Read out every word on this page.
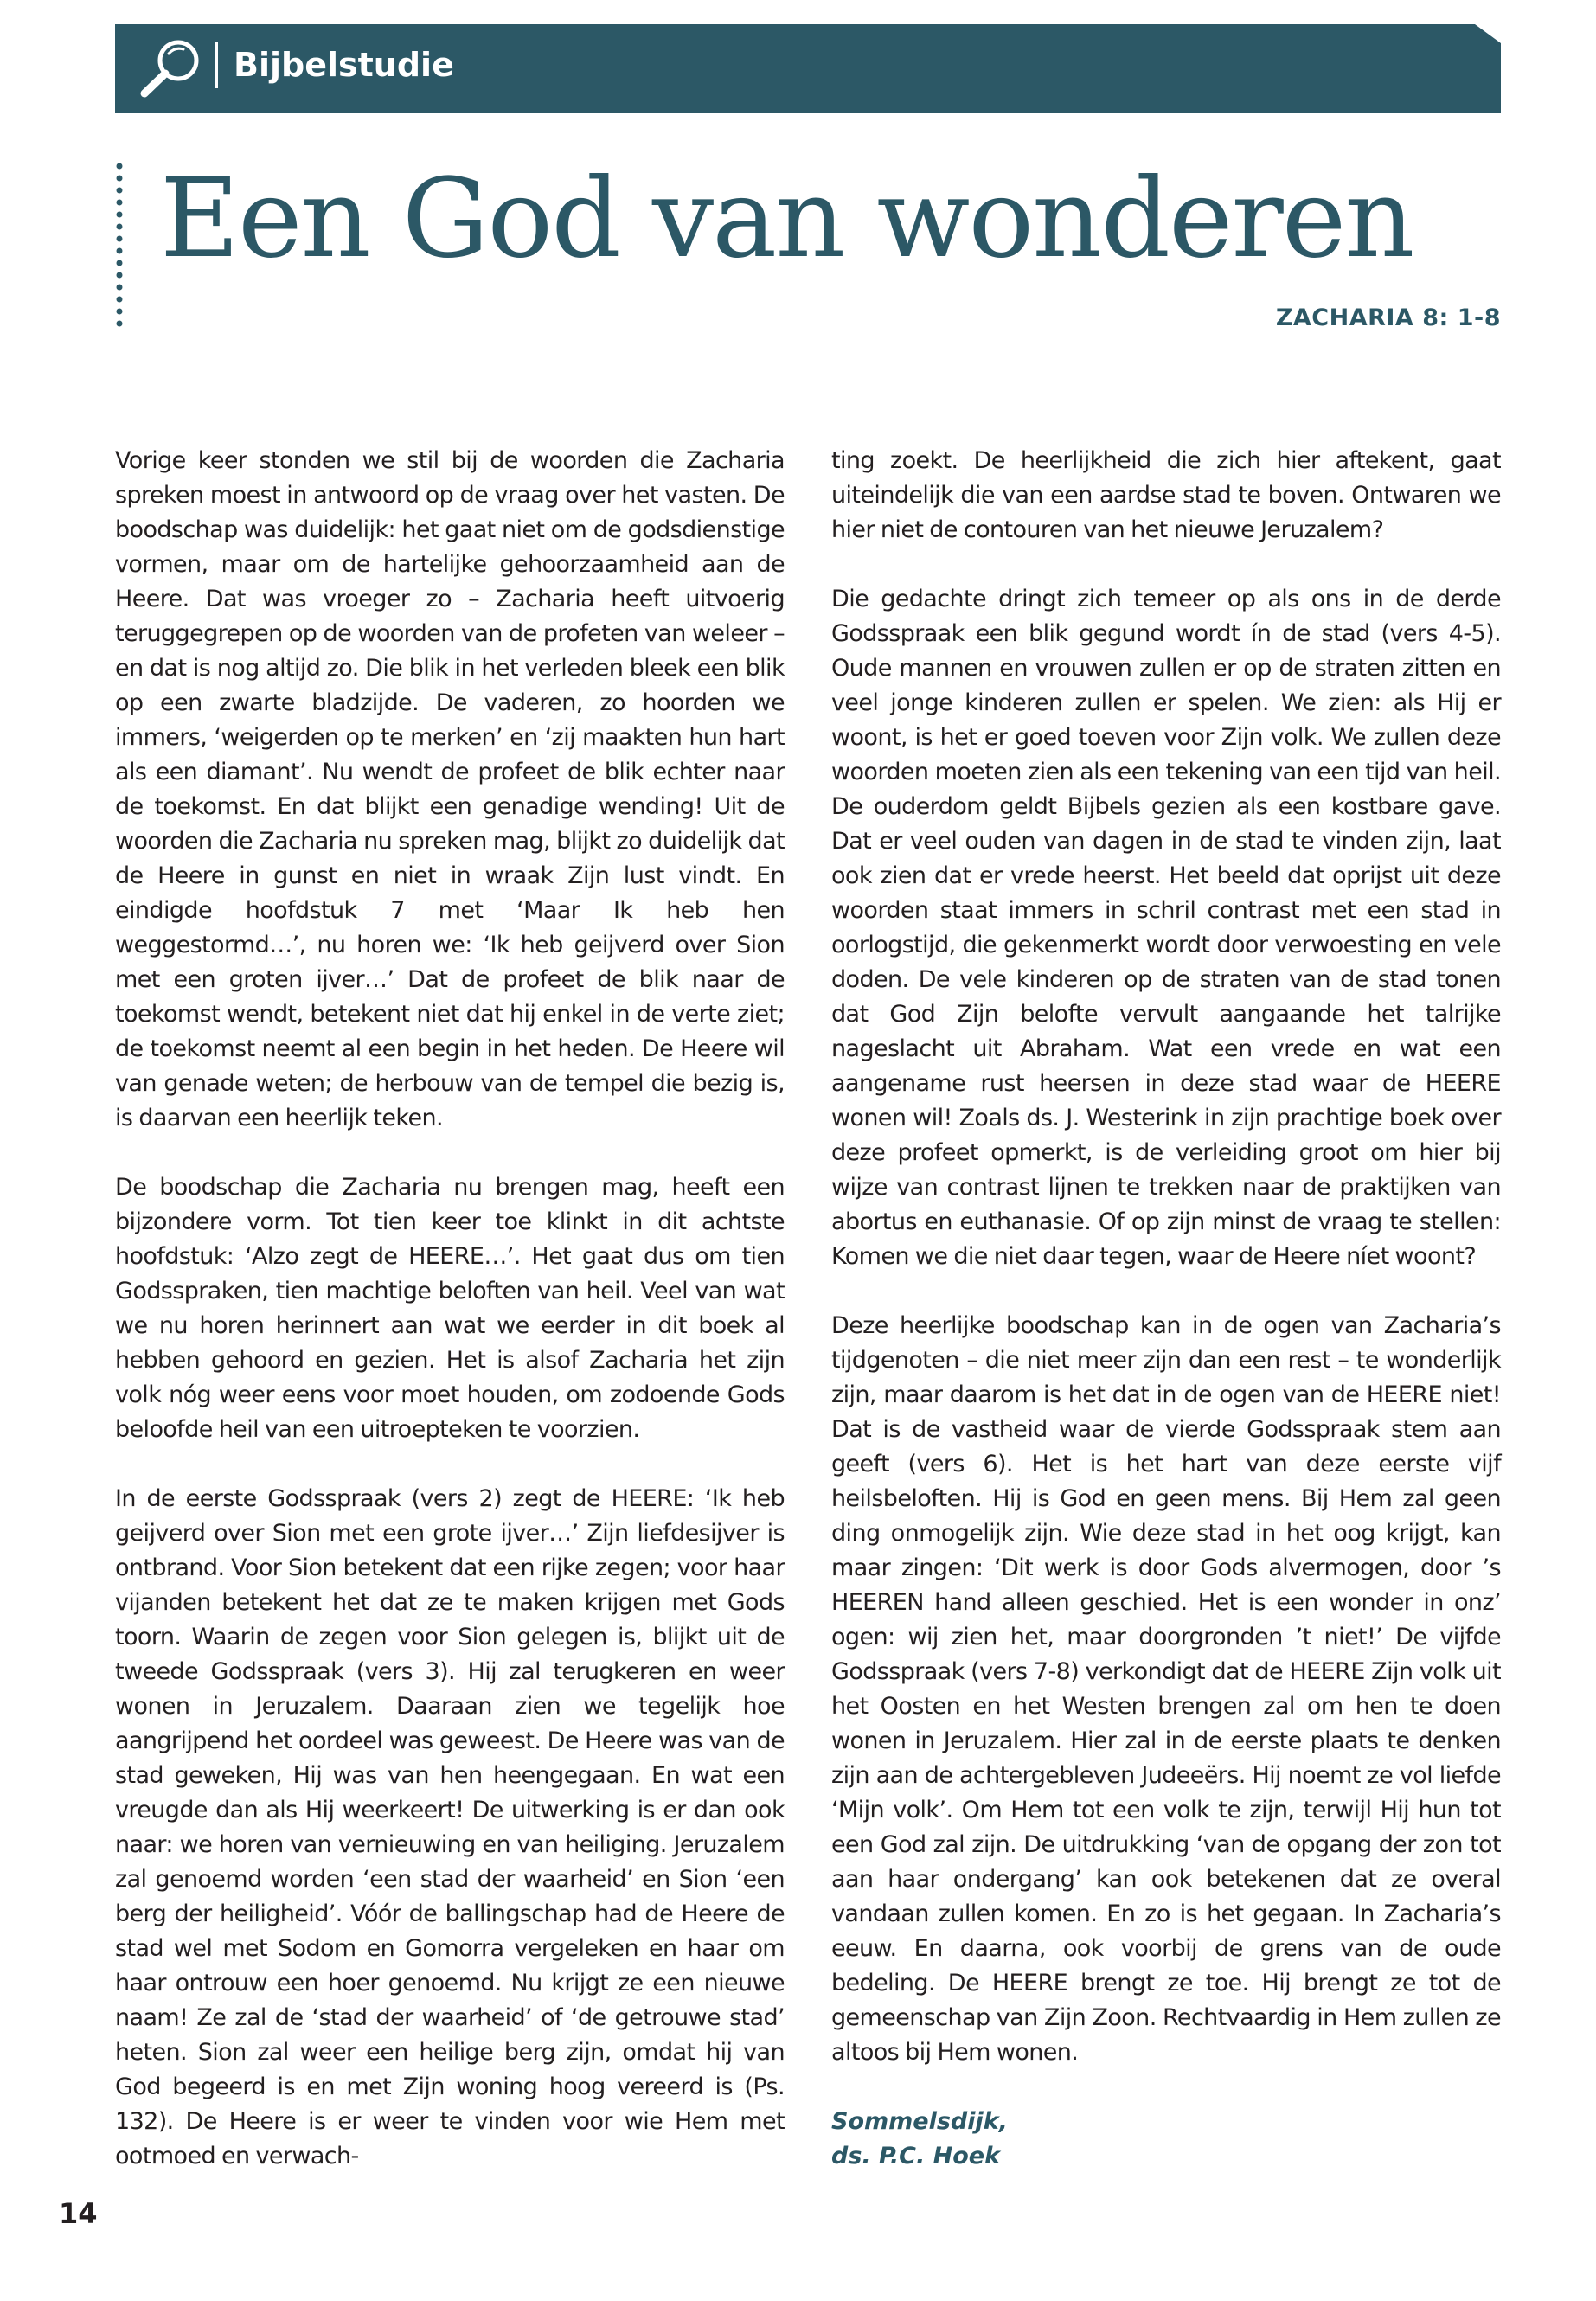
Bijbelstudie
Een God van wonderen
ZACHARIA 8: 1-8

Vorige keer stonden we stil bij de woorden die Zacharia spreken moest in antwoord op de vraag over het vasten. De boodschap was duidelijk: het gaat niet om de godsdienstige vormen, maar om de hartelijke gehoorzaamheid aan de Heere. Dat was vroeger zo – Zacharia heeft uitvoerig teruggegrepen op de woorden van de profeten van weleer – en dat is nog altijd zo. Die blik in het verleden bleek een blik op een zwarte bladzijde. De vaderen, zo hoorden we immers, ‘weigerden op te merken’ en ‘zij maakten hun hart als een diamant’. Nu wendt de profeet de blik echter naar de toekomst. En dat blijkt een genadige wending! Uit de woorden die Zacharia nu spreken mag, blijkt zo duidelijk dat de Heere in gunst en niet in wraak Zijn lust vindt. En eindigde hoofdstuk 7 met ‘Maar Ik heb hen weggestormd…’, nu horen we: ‘Ik heb geijverd over Sion met een groten ijver…’ Dat de profeet de blik naar de toekomst wendt, betekent niet dat hij enkel in de verte ziet; de toekomst neemt al een begin in het heden. De Heere wil van genade weten; de herbouw van de tempel die bezig is, is daarvan een heerlijk teken.

De boodschap die Zacharia nu brengen mag, heeft een bijzondere vorm. Tot tien keer toe klinkt in dit achtste hoofdstuk: ‘Alzo zegt de HEERE…’. Het gaat dus om tien Godsspraken, tien machtige beloften van heil. Veel van wat we nu horen herinnert aan wat we eerder in dit boek al hebben gehoord en gezien. Het is alsof Zacharia het zijn volk nóg weer eens voor moet houden, om zodoende Gods beloofde heil van een uitroepteken te voorzien.

In de eerste Godsspraak (vers 2) zegt de HEERE: ‘Ik heb geijverd over Sion met een grote ijver…’ Zijn liefdesijver is ontbrand. Voor Sion betekent dat een rijke zegen; voor haar vijanden betekent het dat ze te maken krijgen met Gods toorn. Waarin de zegen voor Sion gelegen is, blijkt uit de tweede Godsspraak (vers 3). Hij zal terugkeren en weer wonen in Jeruzalem. Daaraan zien we tegelijk hoe aangrijpend het oordeel was geweest. De Heere was van de stad geweken, Hij was van hen heengegaan. En wat een vreugde dan als Hij weerkeert! De uitwerking is er dan ook naar: we horen van vernieuwing en van heiliging. Jeruzalem zal genoemd worden ‘een stad der waarheid’ en Sion ‘een berg der heiligheid’. Vóór de ballingschap had de Heere de stad wel met Sodom en Gomorra vergeleken en haar om haar ontrouw een hoer genoemd. Nu krijgt ze een nieuwe naam! Ze zal de ‘stad der waarheid’ of ‘de getrouwe stad’ heten. Sion zal weer een heilige berg zijn, omdat hij van God begeerd is en met Zijn woning hoog vereerd is (Ps. 132). De Heere is er weer te vinden voor wie Hem met ootmoed en verwach-

ting zoekt. De heerlijkheid die zich hier aftekent, gaat uiteindelijk die van een aardse stad te boven. Ontwaren we hier niet de contouren van het nieuwe Jeruzalem?

Die gedachte dringt zich temeer op als ons in de derde Godsspraak een blik gegund wordt ín de stad (vers 4-5). Oude mannen en vrouwen zullen er op de straten zitten en veel jonge kinderen zullen er spelen. We zien: als Hij er woont, is het er goed toeven voor Zijn volk. We zullen deze woorden moeten zien als een tekening van een tijd van heil. De ouderdom geldt Bijbels gezien als een kostbare gave. Dat er veel ouden van dagen in de stad te vinden zijn, laat ook zien dat er vrede heerst. Het beeld dat oprijst uit deze woorden staat immers in schril contrast met een stad in oorlogstijd, die gekenmerkt wordt door verwoesting en vele doden. De vele kinderen op de straten van de stad tonen dat God Zijn belofte vervult aangaande het talrijke nageslacht uit Abraham. Wat een vrede en wat een aangename rust heersen in deze stad waar de HEERE wonen wil! Zoals ds. J. Westerink in zijn prachtige boek over deze profeet opmerkt, is de verleiding groot om hier bij wijze van contrast lijnen te trekken naar de praktijken van abortus en euthanasie. Of op zijn minst de vraag te stellen: Komen we die niet daar tegen, waar de Heere níet woont?

Deze heerlijke boodschap kan in de ogen van Zacharia’s tijdgenoten – die niet meer zijn dan een rest – te wonderlijk zijn, maar daarom is het dat in de ogen van de HEERE niet! Dat is de vastheid waar de vierde Godsspraak stem aan geeft (vers 6). Het is het hart van deze eerste vijf heilsbeloften. Hij is God en geen mens. Bij Hem zal geen ding onmogelijk zijn. Wie deze stad in het oog krijgt, kan maar zingen: ‘Dit werk is door Gods alvermogen, door ’s HEEREN hand alleen geschied. Het is een wonder in onz’ ogen: wij zien het, maar doorgronden ’t niet!’ De vijfde Godsspraak (vers 7-8) verkondigt dat de HEERE Zijn volk uit het Oosten en het Westen brengen zal om hen te doen wonen in Jeruzalem. Hier zal in de eerste plaats te denken zijn aan de achtergebleven Judeeërs. Hij noemt ze vol liefde ‘Mijn volk’. Om Hem tot een volk te zijn, terwijl Hij hun tot een God zal zijn. De uitdrukking ‘van de opgang der zon tot aan haar ondergang’ kan ook betekenen dat ze overal vandaan zullen komen. En zo is het gegaan. In Zacharia’s eeuw. En daarna, ook voorbij de grens van de oude bedeling. De HEERE brengt ze toe. Hij brengt ze tot de gemeenschap van Zijn Zoon. Rechtvaardig in Hem zullen ze altoos bij Hem wonen.

Sommelsdijk,

ds. P.C. Hoek

14
